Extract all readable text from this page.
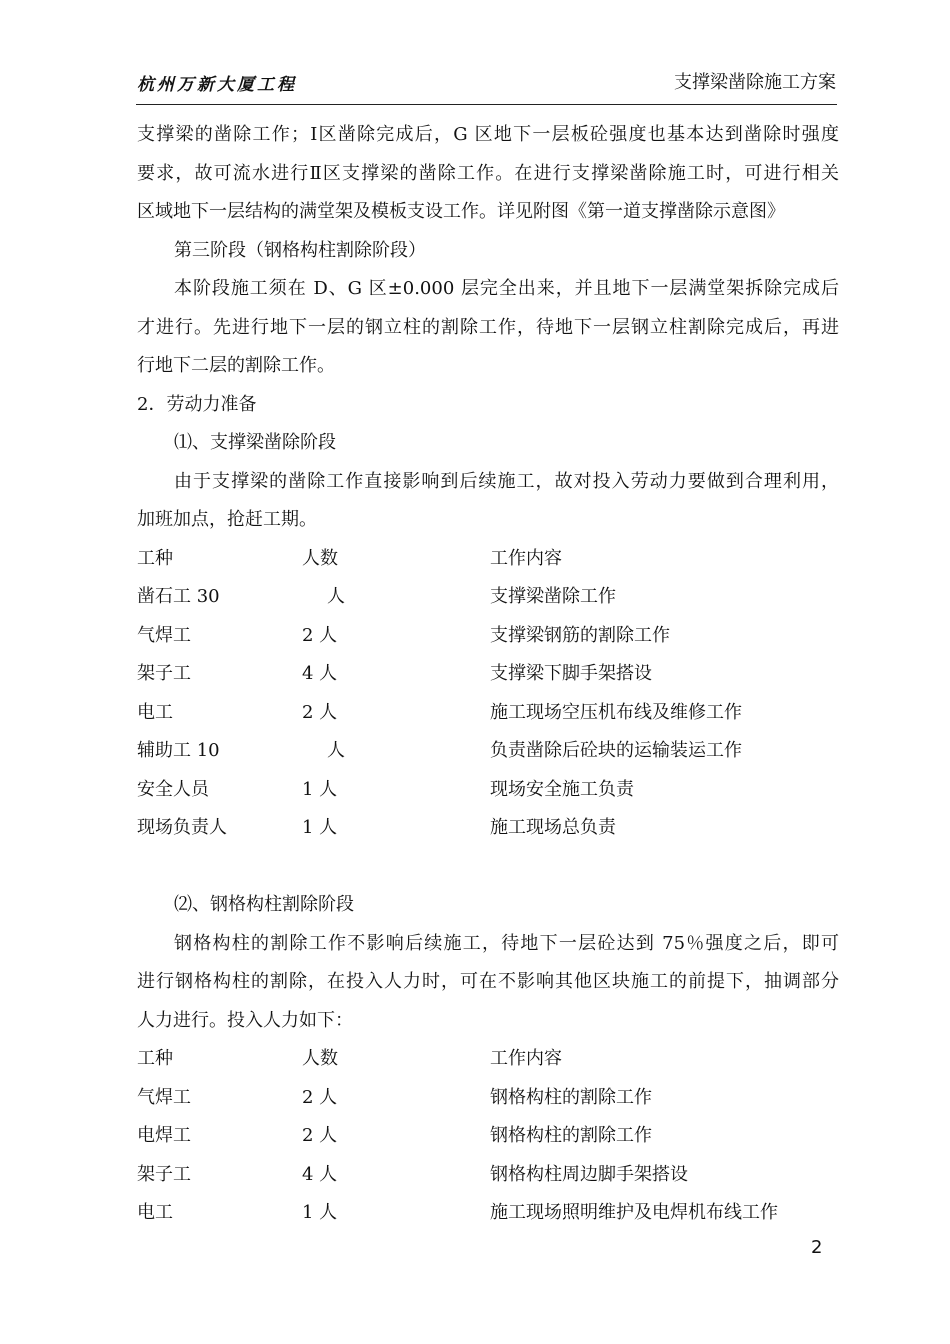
杭州万新大厦工程	支撑梁凿除施工方案
支撑梁的凿除工作；Ⅰ区凿除完成后，G 区地下一层板砼强度也基本达到凿除时强度
要求，故可流水进行Ⅱ区支撑梁的凿除工作。在进行支撑梁凿除施工时，可进行相关
区域地下一层结构的满堂架及模板支设工作。详见附图《第一道支撑凿除示意图》
第三阶段（钢格构柱割除阶段）
本阶段施工须在 D、G 区±0.000 层完全出来，并且地下一层满堂架拆除完成后
才进行。先进行地下一层的钢立柱的割除工作，待地下一层钢立柱割除完成后，再进
行地下二层的割除工作。
2．劳动力准备
⑴、支撑梁凿除阶段
由于支撑梁的凿除工作直接影响到后续施工，故对投入劳动力要做到合理利用，
加班加点，抢赶工期。
工种	人数	工作内容
凿石工 30	人	支撑梁凿除工作
气焊工	2 人	支撑梁钢筋的割除工作
架子工	4 人	支撑梁下脚手架搭设
电工	2 人	施工现场空压机布线及维修工作
辅助工 10	人	负责凿除后砼块的运输装运工作
安全人员	1 人	现场安全施工负责
现场负责人	1 人	施工现场总负责
⑵、钢格构柱割除阶段
钢格构柱的割除工作不影响后续施工，待地下一层砼达到 75％强度之后，即可
进行钢格构柱的割除，在投入人力时，可在不影响其他区块施工的前提下，抽调部分
人力进行。投入人力如下：
工种	人数	工作内容
气焊工	2 人	钢格构柱的割除工作
电焊工	2 人	钢格构柱的割除工作
架子工	4 人	钢格构柱周边脚手架搭设
电工	1 人	施工现场照明维护及电焊机布线工作
2
